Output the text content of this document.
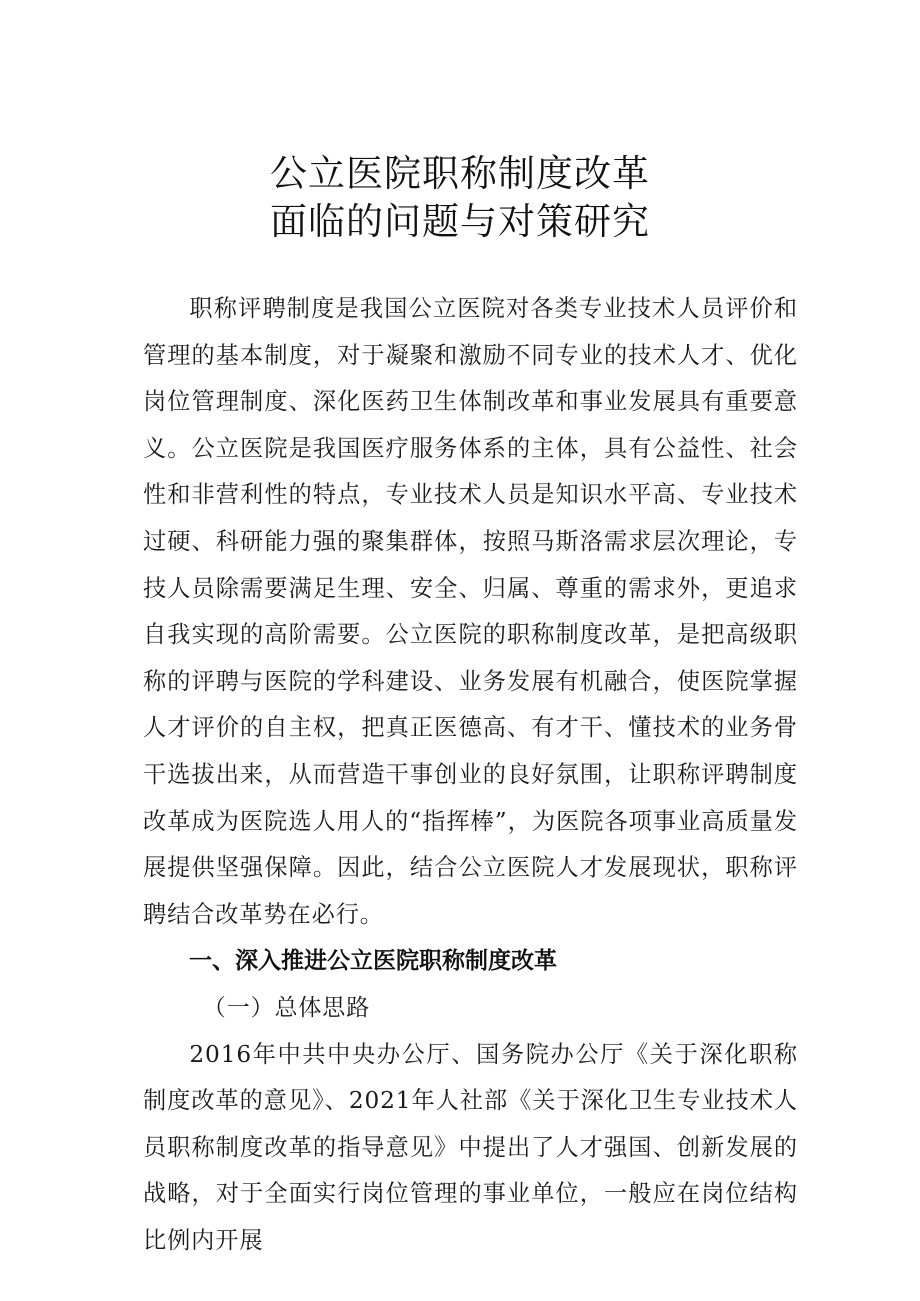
公立医院职称制度改革
面临的问题与对策研究

职称评聘制度是我国公立医院对各类专业技术人员评价和管理的基本制度，对于凝聚和激励不同专业的技术人才、优化岗位管理制度、深化医药卫生体制改革和事业发展具有重要意义。公立医院是我国医疗服务体系的主体，具有公益性、社会性和非营利性的特点，专业技术人员是知识水平高、专业技术过硬、科研能力强的聚集群体，按照马斯洛需求层次理论，专技人员除需要满足生理、安全、归属、尊重的需求外，更追求自我实现的高阶需要。公立医院的职称制度改革，是把高级职称的评聘与医院的学科建设、业务发展有机融合，使医院掌握人才评价的自主权，把真正医德高、有才干、懂技术的业务骨干选拔出来，从而营造干事创业的良好氛围，让职称评聘制度改革成为医院选人用人的“指挥棒”，为医院各项事业高质量发展提供坚强保障。因此，结合公立医院人才发展现状，职称评聘结合改革势在必行。

一、深入推进公立医院职称制度改革

（一）总体思路

2016年中共中央办公厅、国务院办公厅《关于深化职称制度改革的意见》、2021年人社部《关于深化卫生专业技术人员职称制度改革的指导意见》中提出了人才强国、创新发展的战略，对于全面实行岗位管理的事业单位，一般应在岗位结构比例内开展
